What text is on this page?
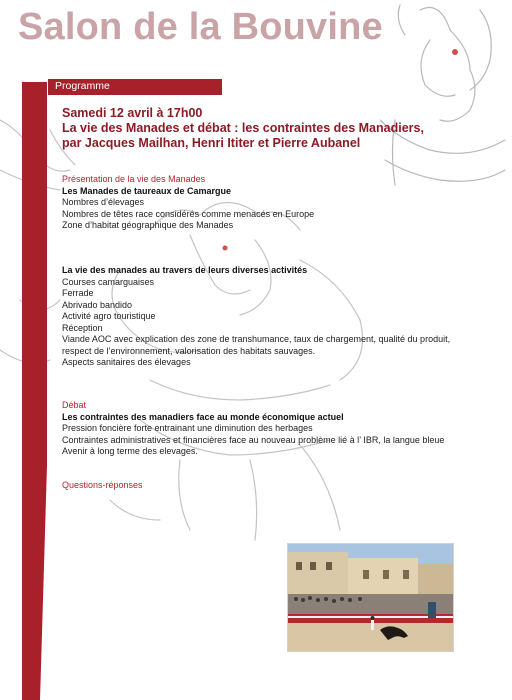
Salon de la Bouvine
Programme
Samedi 12 avril à 17h00
La vie des Manades et débat : les contraintes des Manadiers,
par Jacques Mailhan, Henri Ititer et Pierre Aubanel
Présentation de la vie des Manades
Les Manades de taureaux de Camargue
Nombres d’élevages
Nombres de têtes race considérés comme menacés en Europe
Zone d’habitat géographique des Manades
La vie des manades au travers de leurs diverses activités
Courses camarguaises
Ferrade
Abrivado bandido
Activité agro touristique
Réception
Viande AOC avec explication des zone de transhumance, taux de chargement, qualité du produit,
respect de l’environnement, valorisation des habitats sauvages.
Aspects sanitaires des élevages
Débat
Les contraintes des manadiers face au monde économique actuel
Pression foncière forte entrainant une diminution des herbages
Contraintes administratives et financières face au nouveau problème lié à l’ IBR, la langue bleue
Avenir à long terme des elevages.
Questions-réponses
